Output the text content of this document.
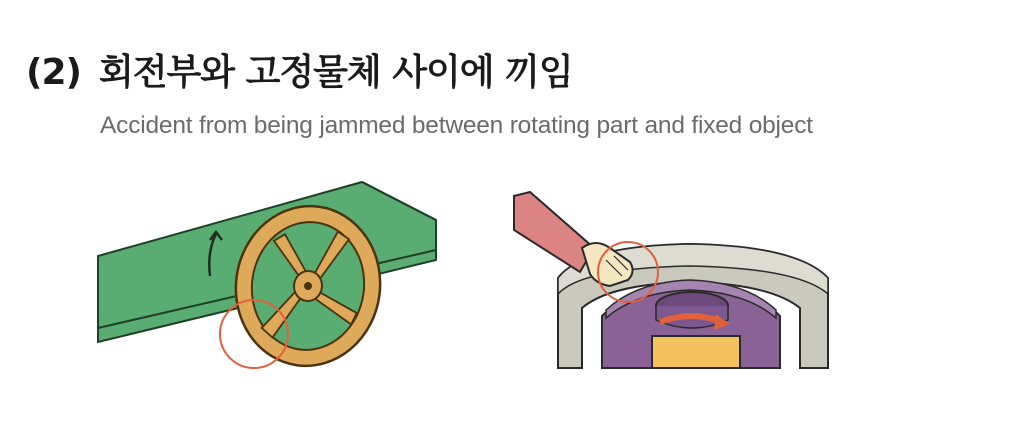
(2) 회전부와 고정물체 사이에 끼임
Accident from being jammed between rotating part and fixed object
